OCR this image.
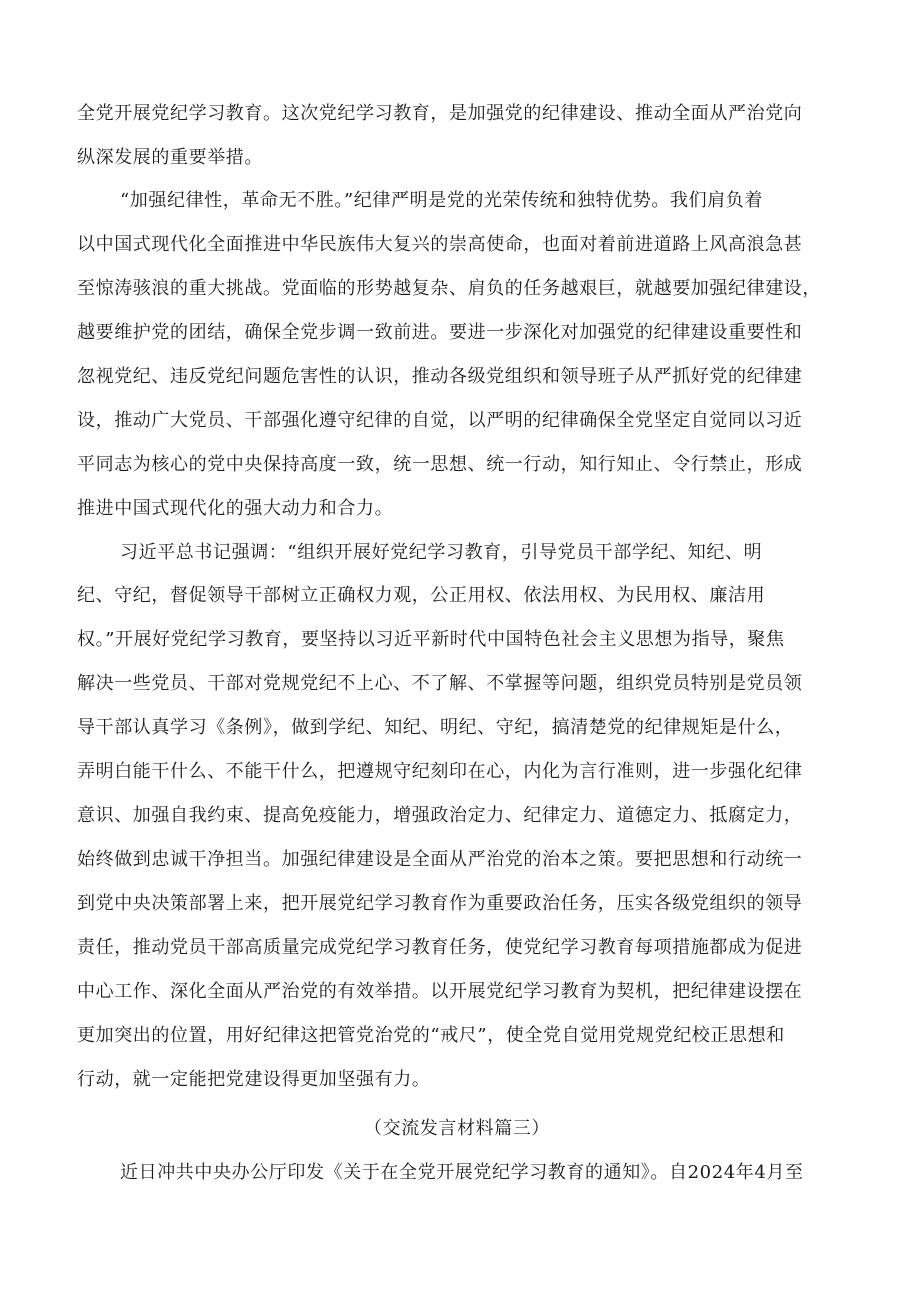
全党开展党纪学习教育。这次党纪学习教育，是加强党的纪律建设、推动全面从严治党向
纵深发展的重要举措。
“加强纪律性，革命无不胜。”纪律严明是党的光荣传统和独特优势。我们肩负着
以中国式现代化全面推进中华民族伟大复兴的崇高使命，也面对着前进道路上风高浪急甚
至惊涛骇浪的重大挑战。党面临的形势越复杂、肩负的任务越艰巨，就越要加强纪律建设，
越要维护党的团结，确保全党步调一致前进。要进一步深化对加强党的纪律建设重要性和
忽视党纪、违反党纪问题危害性的认识，推动各级党组织和领导班子从严抓好党的纪律建
设，推动广大党员、干部强化遵守纪律的自觉，以严明的纪律确保全党坚定自觉同以习近
平同志为核心的党中央保持高度一致，统一思想、统一行动，知行知止、令行禁止，形成
推进中国式现代化的强大动力和合力。
习近平总书记强调：“组织开展好党纪学习教育，引导党员干部学纪、知纪、明
纪、守纪，督促领导干部树立正确权力观，公正用权、依法用权、为民用权、廉洁用
权。”开展好党纪学习教育，要坚持以习近平新时代中国特色社会主义思想为指导，聚焦
解决一些党员、干部对党规党纪不上心、不了解、不掌握等问题，组织党员特别是党员领
导干部认真学习《条例》，做到学纪、知纪、明纪、守纪，搞清楚党的纪律规矩是什么，
弄明白能干什么、不能干什么，把遵规守纪刻印在心，内化为言行准则，进一步强化纪律
意识、加强自我约束、提高免疫能力，增强政治定力、纪律定力、道德定力、抵腐定力，
始终做到忠诚干净担当。加强纪律建设是全面从严治党的治本之策。要把思想和行动统一
到党中央决策部署上来，把开展党纪学习教育作为重要政治任务，压实各级党组织的领导
责任，推动党员干部高质量完成党纪学习教育任务，使党纪学习教育每项措施都成为促进
中心工作、深化全面从严治党的有效举措。以开展党纪学习教育为契机，把纪律建设摆在
更加突出的位置，用好纪律这把管党治党的“戒尺”，使全党自觉用党规党纪校正思想和
行动，就一定能把党建设得更加坚强有力。
（交流发言材料篇三）
近日冲共中央办公厅印发《关于在全党开展党纪学习教育的通知》。自2024年4月至
